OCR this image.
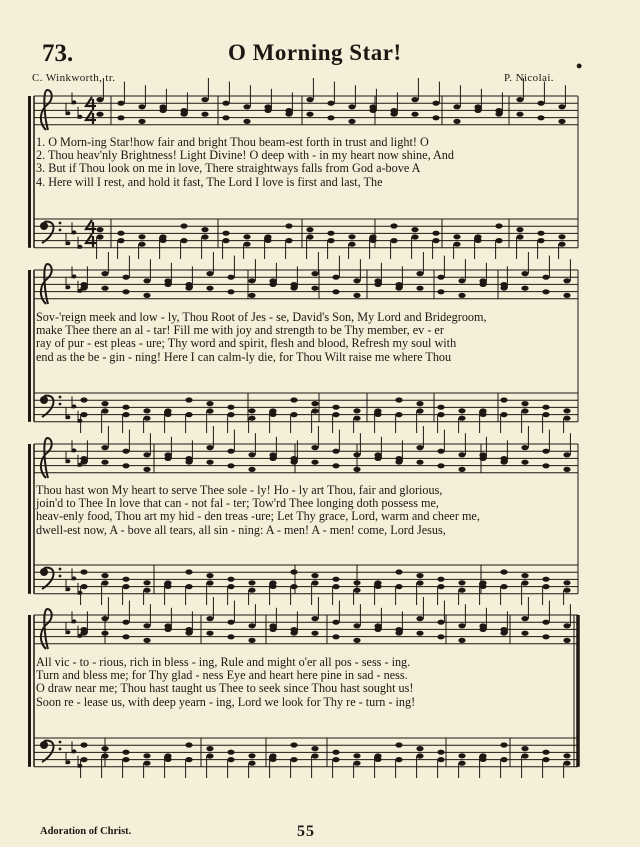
73.	O Morning Star!
•
C. Winkworth, tr.	P. Nicolai.
1. O Morn-ing Star!how fair and bright Thou beam-est forth in trust and light! O
2. Thou heav'nly Brightness! Light Divine! O deep with - in my heart now shine, And
3. But if Thou look on me in love, There straightways falls from God a-bove A
4. Here will I rest, and hold it fast, The Lord I love is first and last, The
Sov-'reign meek and low - ly, Thou Root of Jes - se, David's Son, My Lord and Bridegroom,
make Thee there an al - tar! Fill me with joy and strength to be Thy member, ev - er
ray of pur - est pleas - ure; Thy word and spirit, flesh and blood, Refresh my soul with
end as the be - gin - ning! Here I can calm-ly die, for Thou Wilt raise me where Thou
Thou hast won My heart to serve Thee sole - ly! Ho - ly art Thou, fair and glorious,
join'd to Thee In love that can - not fal - ter; Tow'rd Thee longing doth possess me,
heav-enly food, Thou art my hid - den treas -ure; Let Thy grace, Lord, warm and cheer me,
dwell-est now, A - bove all tears, all sin - ning: A - men! A - men! come, Lord Jesus,
All vic - to - rious, rich in bless - ing, Rule and might o'er all pos - sess - ing.
Turn and bless me; for Thy glad - ness Eye and heart here pine in sad - ness.
O draw near me; Thou hast taught us Thee to seek since Thou hast sought us!
Soon re - lease us, with deep yearn - ing, Lord we look for Thy re - turn - ing!
Adoration of Christ.	55
